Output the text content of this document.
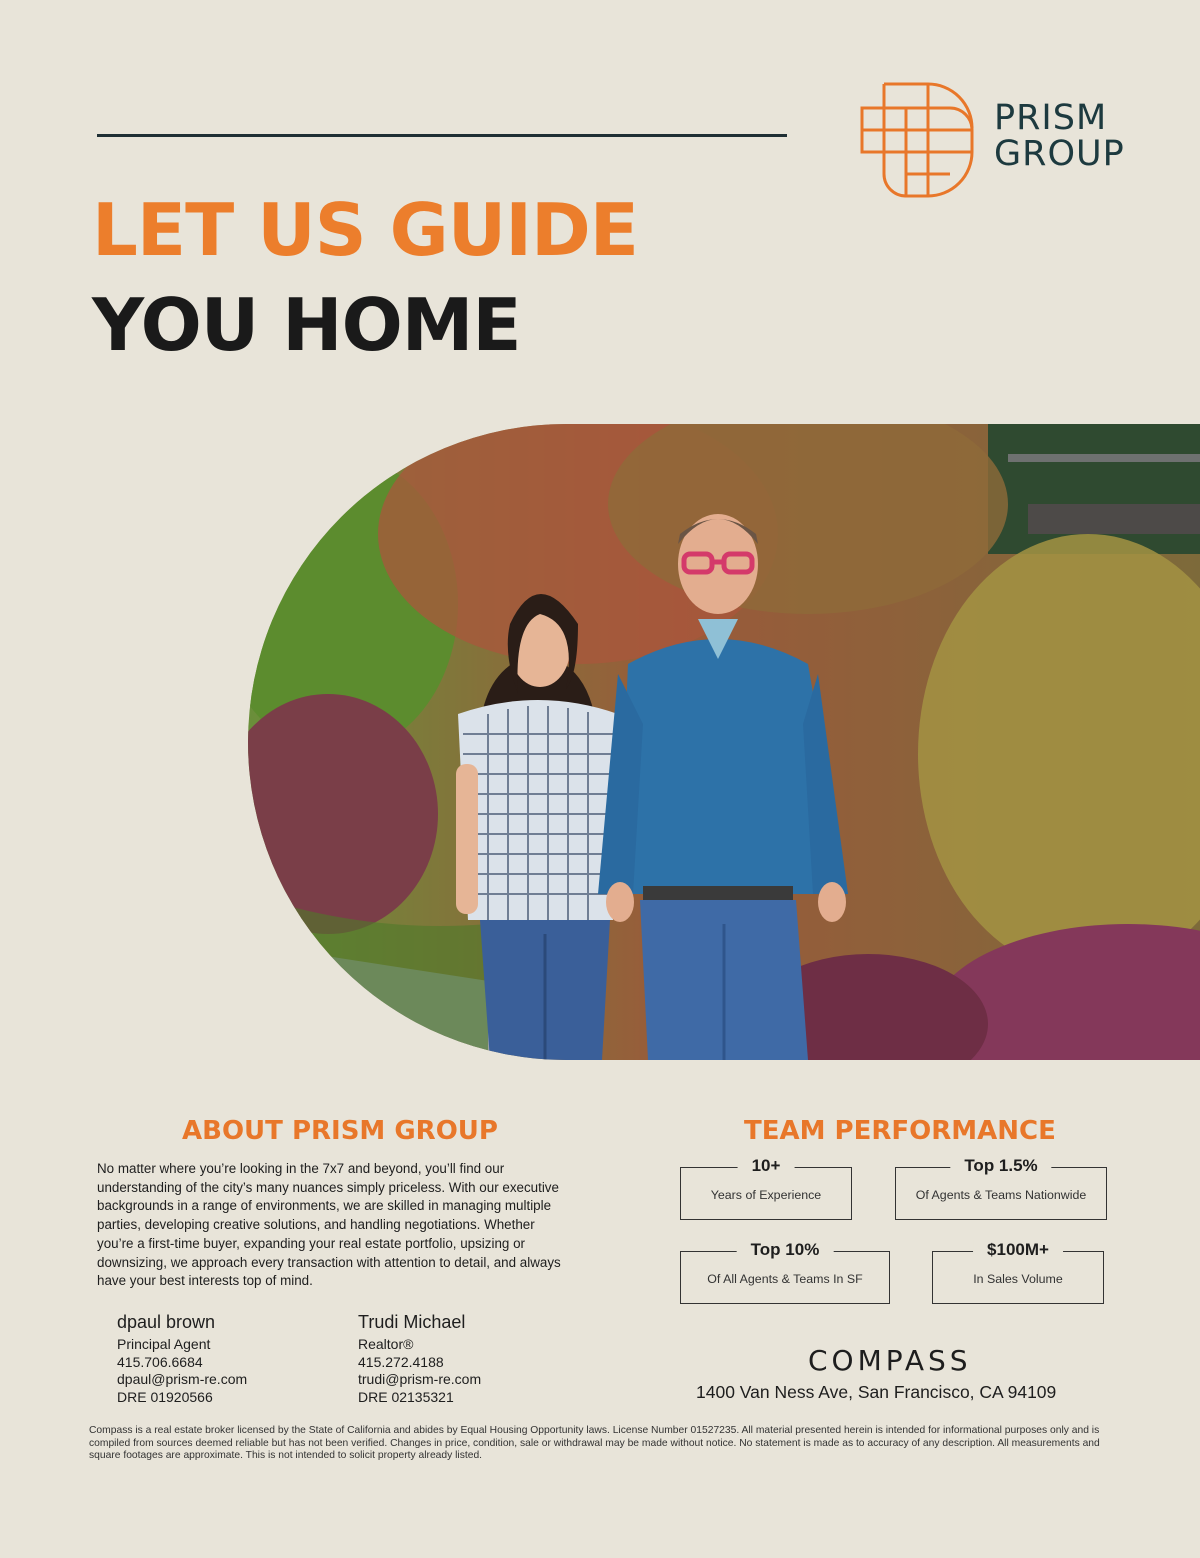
PRISM
GROUP
LET US GUIDE
YOU HOME
ABOUT PRISM GROUP

No matter where you’re looking in the 7x7 and beyond, you’ll find our understanding of the city’s many nuances simply priceless. With our executive backgrounds in a range of environments, we are skilled in managing multiple parties, developing creative solutions, and handling negotiations. Whether you’re a first-time buyer, expanding your real estate portfolio, upsizing or downsizing, we approach every transaction with attention to detail, and always have your best interests top of mind.

dpaul brown
Principal Agent
415.706.6684
dpaul@prism-re.com
DRE 01920566
Trudi Michael
Realtor®
415.272.4188
trudi@prism-re.com
DRE 02135321
TEAM PERFORMANCE
10+
Years of Experience
Top 1.5%
Of Agents & Teams Nationwide
Top 10%
Of All Agents & Teams In SF
$100M+
In Sales Volume
COMPASS
1400 Van Ness Ave, San Francisco, CA 94109

Compass is a real estate broker licensed by the State of California and abides by Equal Housing Opportunity laws. License Number 01527235. All material presented herein is intended for informational purposes only and is compiled from sources deemed reliable but has not been verified. Changes in price, condition, sale or withdrawal may be made without notice. No statement is made as to accuracy of any description. All measurements and square footages are approximate. This is not intended to solicit property already listed.
